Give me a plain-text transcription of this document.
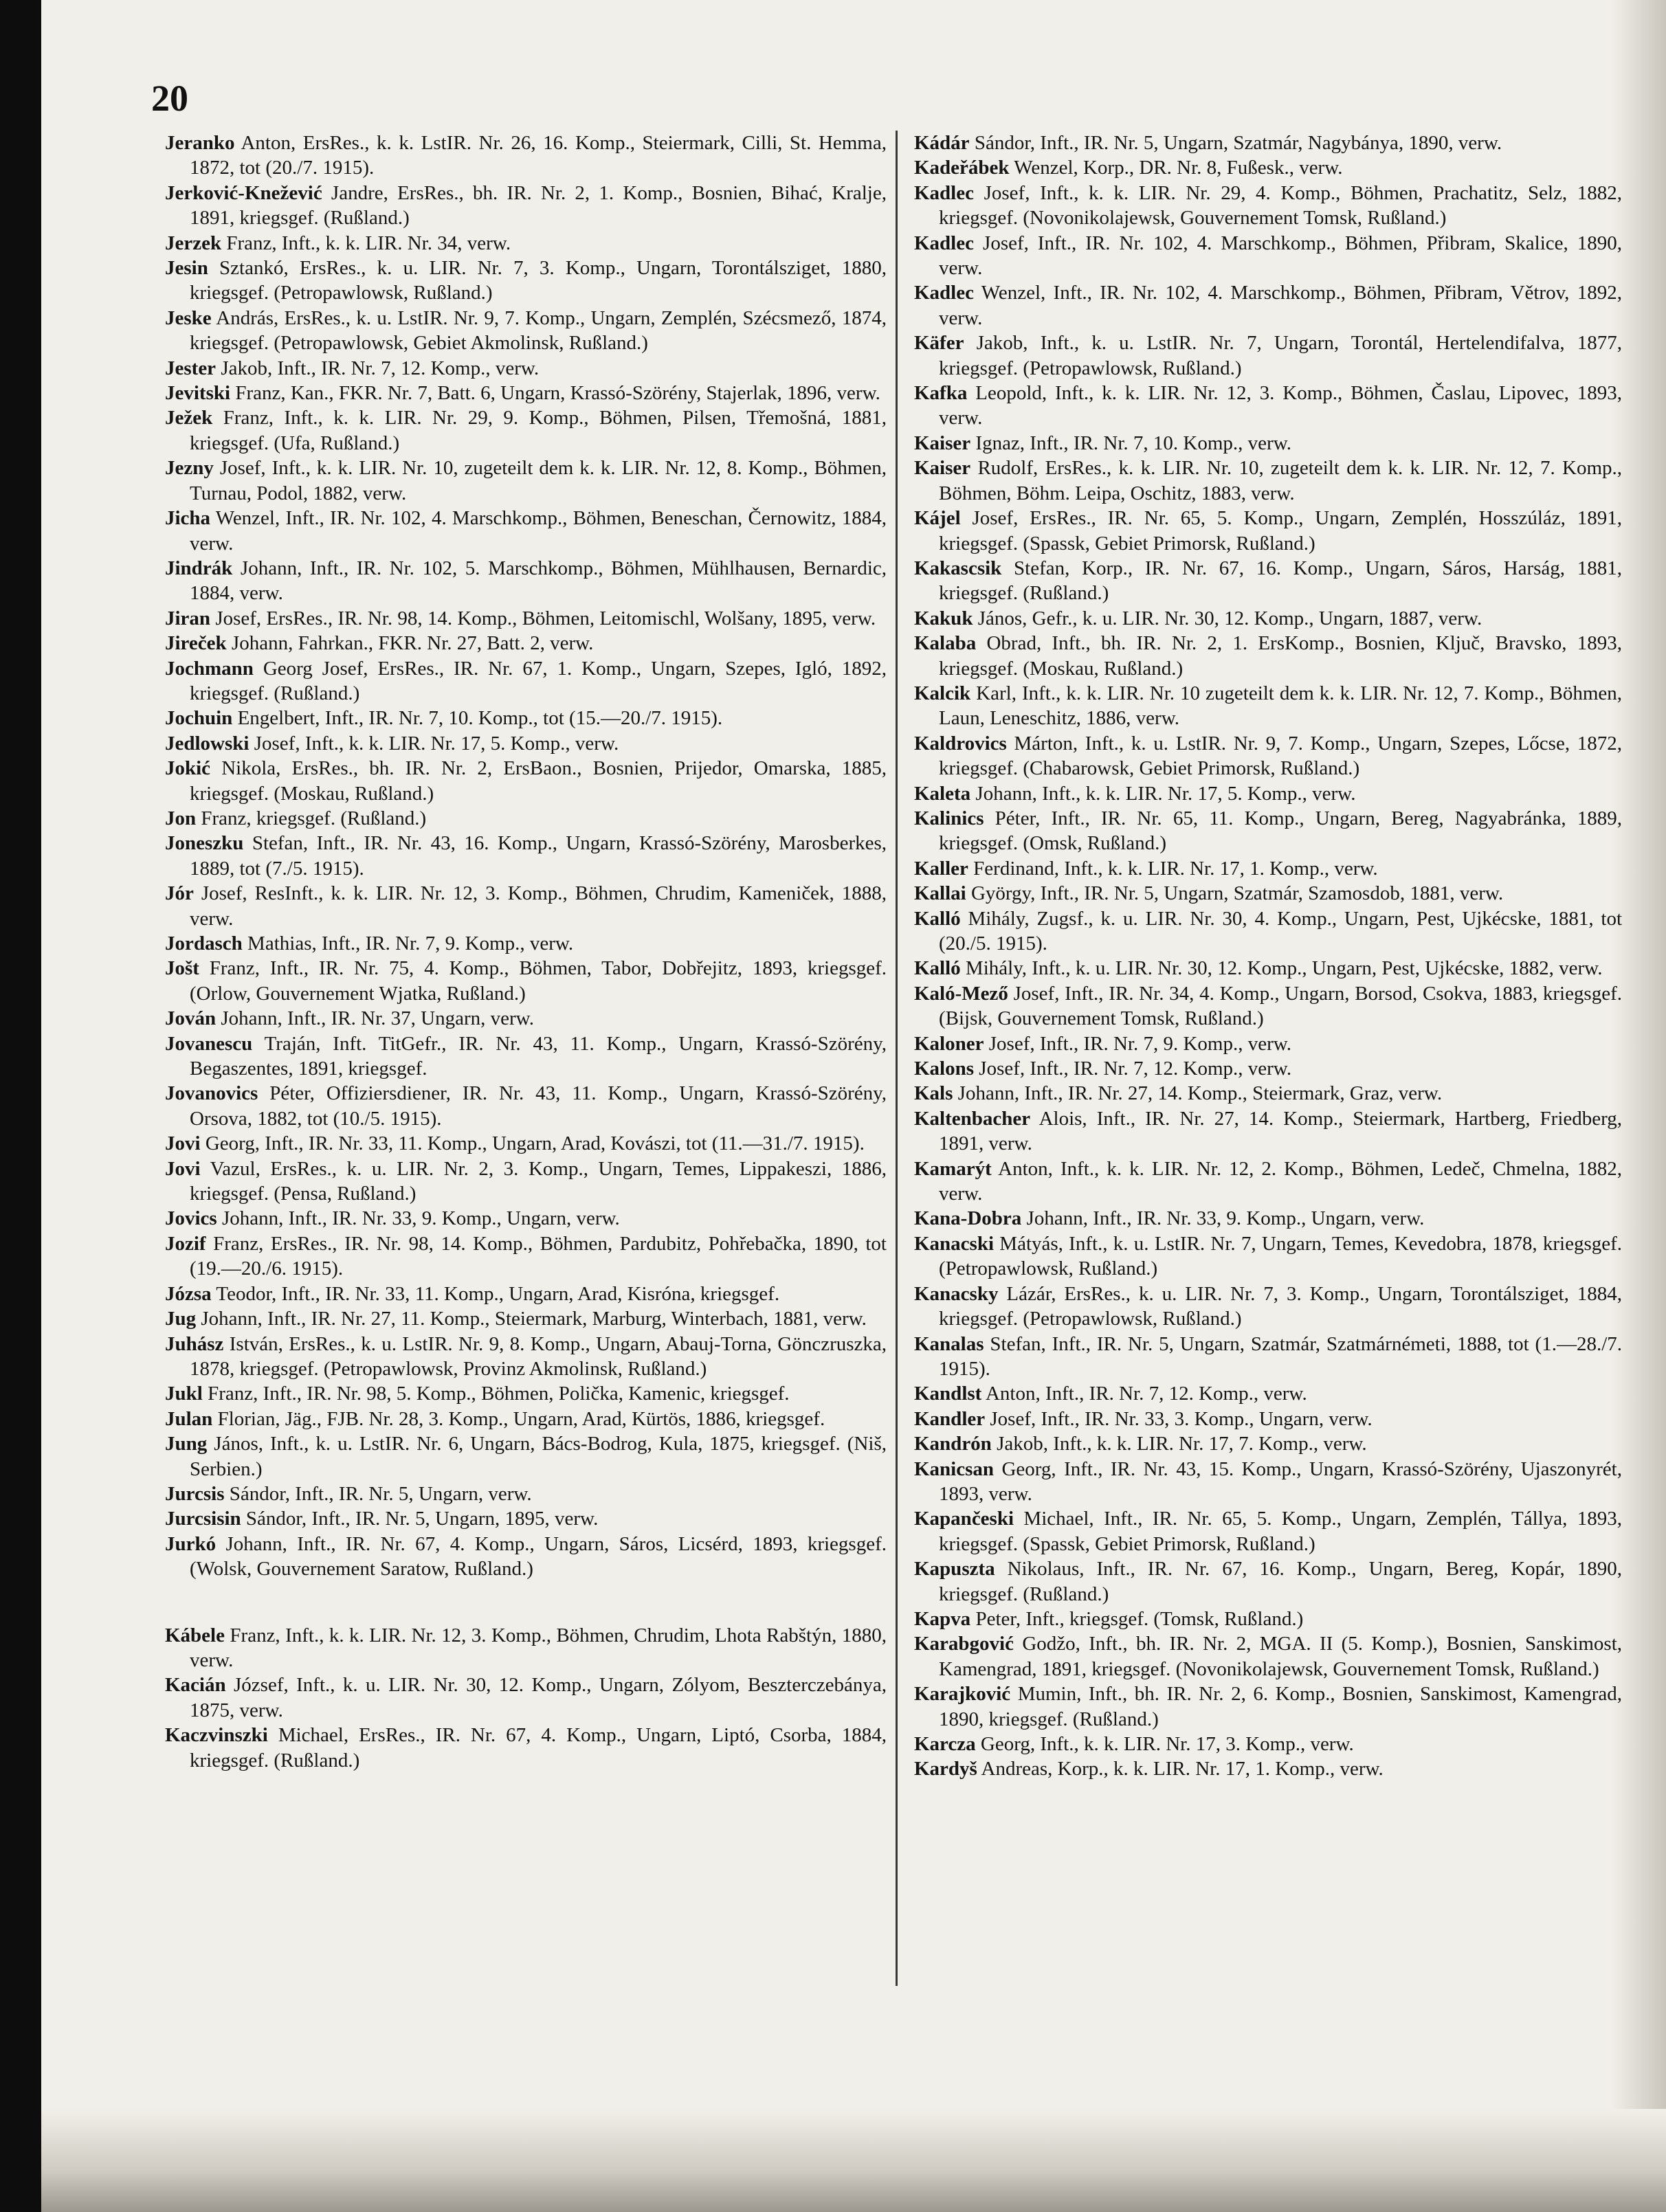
20

Jeranko Anton, ErsRes., k. k. LstIR. Nr. 26, 16. Komp., Steiermark, Cilli, St. Hemma, 1872, tot (20./7. 1915).

Jerković-Knežević Jandre, ErsRes., bh. IR. Nr. 2, 1. Komp., Bosnien, Bihać, Kralje, 1891, kriegsgef. (Rußland.)

Jerzek Franz, Inft., k. k. LIR. Nr. 34, verw.

Jesin Sztankó, ErsRes., k. u. LIR. Nr. 7, 3. Komp., Ungarn, Torontálsziget, 1880, kriegsgef. (Petropawlowsk, Rußland.)

Jeske András, ErsRes., k. u. LstIR. Nr. 9, 7. Komp., Ungarn, Zemplén, Szécsmező, 1874, kriegsgef. (Petropawlowsk, Gebiet Akmolinsk, Rußland.)

Jester Jakob, Inft., IR. Nr. 7, 12. Komp., verw.

Jevitski Franz, Kan., FKR. Nr. 7, Batt. 6, Ungarn, Krassó-Szörény, Stajerlak, 1896, verw.

Ježek Franz, Inft., k. k. LIR. Nr. 29, 9. Komp., Böhmen, Pilsen, Třemošná, 1881, kriegsgef. (Ufa, Rußland.)

Jezny Josef, Inft., k. k. LIR. Nr. 10, zugeteilt dem k. k. LIR. Nr. 12, 8. Komp., Böhmen, Turnau, Podol, 1882, verw.

Jicha Wenzel, Inft., IR. Nr. 102, 4. Marschkomp., Böhmen, Beneschan, Černowitz, 1884, verw.

Jindrák Johann, Inft., IR. Nr. 102, 5. Marschkomp., Böhmen, Mühlhausen, Bernardic, 1884, verw.

Jiran Josef, ErsRes., IR. Nr. 98, 14. Komp., Böhmen, Leitomischl, Wolšany, 1895, verw.

Jireček Johann, Fahrkan., FKR. Nr. 27, Batt. 2, verw.

Jochmann Georg Josef, ErsRes., IR. Nr. 67, 1. Komp., Ungarn, Szepes, Igló, 1892, kriegsgef. (Rußland.)

Jochuin Engelbert, Inft., IR. Nr. 7, 10. Komp., tot (15.—20./7. 1915).

Jedlowski Josef, Inft., k. k. LIR. Nr. 17, 5. Komp., verw.

Jokić Nikola, ErsRes., bh. IR. Nr. 2, ErsBaon., Bosnien, Prijedor, Omarska, 1885, kriegsgef. (Moskau, Rußland.)

Jon Franz, kriegsgef. (Rußland.)

Joneszku Stefan, Inft., IR. Nr. 43, 16. Komp., Ungarn, Krassó-Szörény, Marosberkes, 1889, tot (7./5. 1915).

Jór Josef, ResInft., k. k. LIR. Nr. 12, 3. Komp., Böhmen, Chrudim, Kameniček, 1888, verw.

Jordasch Mathias, Inft., IR. Nr. 7, 9. Komp., verw.

Jošt Franz, Inft., IR. Nr. 75, 4. Komp., Böhmen, Tabor, Dobřejitz, 1893, kriegsgef. (Orlow, Gouvernement Wjatka, Rußland.)

Jován Johann, Inft., IR. Nr. 37, Ungarn, verw.

Jovanescu Traján, Inft. TitGefr., IR. Nr. 43, 11. Komp., Ungarn, Krassó-Szörény, Begaszentes, 1891, kriegsgef.

Jovanovics Péter, Offiziersdiener, IR. Nr. 43, 11. Komp., Ungarn, Krassó-Szörény, Orsova, 1882, tot (10./5. 1915).

Jovi Georg, Inft., IR. Nr. 33, 11. Komp., Ungarn, Arad, Kovászi, tot (11.—31./7. 1915).

Jovi Vazul, ErsRes., k. u. LIR. Nr. 2, 3. Komp., Ungarn, Temes, Lippakeszi, 1886, kriegsgef. (Pensa, Rußland.)

Jovics Johann, Inft., IR. Nr. 33, 9. Komp., Ungarn, verw.

Jozif Franz, ErsRes., IR. Nr. 98, 14. Komp., Böhmen, Pardubitz, Pohřebačka, 1890, tot (19.—20./6. 1915).

Józsa Teodor, Inft., IR. Nr. 33, 11. Komp., Ungarn, Arad, Kisróna, kriegsgef.

Jug Johann, Inft., IR. Nr. 27, 11. Komp., Steiermark, Marburg, Winterbach, 1881, verw.

Juhász István, ErsRes., k. u. LstIR. Nr. 9, 8. Komp., Ungarn, Abauj-Torna, Gönczruszka, 1878, kriegsgef. (Petropawlowsk, Provinz Akmolinsk, Rußland.)

Jukl Franz, Inft., IR. Nr. 98, 5. Komp., Böhmen, Polička, Kamenic, kriegsgef.

Julan Florian, Jäg., FJB. Nr. 28, 3. Komp., Ungarn, Arad, Kürtös, 1886, kriegsgef.

Jung János, Inft., k. u. LstIR. Nr. 6, Ungarn, Bács-Bodrog, Kula, 1875, kriegsgef. (Niš, Serbien.)

Jurcsis Sándor, Inft., IR. Nr. 5, Ungarn, verw.

Jurcsisin Sándor, Inft., IR. Nr. 5, Ungarn, 1895, verw.

Jurkó Johann, Inft., IR. Nr. 67, 4. Komp., Ungarn, Sáros, Licsérd, 1893, kriegsgef. (Wolsk, Gouvernement Saratow, Rußland.)

Kábele Franz, Inft., k. k. LIR. Nr. 12, 3. Komp., Böhmen, Chrudim, Lhota Rabštýn, 1880, verw.

Kacián József, Inft., k. u. LIR. Nr. 30, 12. Komp., Ungarn, Zólyom, Beszterczebánya, 1875, verw.

Kaczvinszki Michael, ErsRes., IR. Nr. 67, 4. Komp., Ungarn, Liptó, Csorba, 1884, kriegsgef. (Rußland.)

Kádár Sándor, Inft., IR. Nr. 5, Ungarn, Szatmár, Nagybánya, 1890, verw.

Kadeřábek Wenzel, Korp., DR. Nr. 8, Fußesk., verw.

Kadlec Josef, Inft., k. k. LIR. Nr. 29, 4. Komp., Böhmen, Prachatitz, Selz, 1882, kriegsgef. (Novonikolajewsk, Gouvernement Tomsk, Rußland.)

Kadlec Josef, Inft., IR. Nr. 102, 4. Marschkomp., Böhmen, Přibram, Skalice, 1890, verw.

Kadlec Wenzel, Inft., IR. Nr. 102, 4. Marschkomp., Böhmen, Přibram, Větrov, 1892, verw.

Käfer Jakob, Inft., k. u. LstIR. Nr. 7, Ungarn, Torontál, Hertelendifalva, 1877, kriegsgef. (Petropawlowsk, Rußland.)

Kafka Leopold, Inft., k. k. LIR. Nr. 12, 3. Komp., Böhmen, Časlau, Lipovec, 1893, verw.

Kaiser Ignaz, Inft., IR. Nr. 7, 10. Komp., verw.

Kaiser Rudolf, ErsRes., k. k. LIR. Nr. 10, zugeteilt dem k. k. LIR. Nr. 12, 7. Komp., Böhmen, Böhm. Leipa, Oschitz, 1883, verw.

Kájel Josef, ErsRes., IR. Nr. 65, 5. Komp., Ungarn, Zemplén, Hosszúláz, 1891, kriegsgef. (Spassk, Gebiet Primorsk, Rußland.)

Kakascsik Stefan, Korp., IR. Nr. 67, 16. Komp., Ungarn, Sáros, Harság, 1881, kriegsgef. (Rußland.)

Kakuk János, Gefr., k. u. LIR. Nr. 30, 12. Komp., Ungarn, 1887, verw.

Kalaba Obrad, Inft., bh. IR. Nr. 2, 1. ErsKomp., Bosnien, Ključ, Bravsko, 1893, kriegsgef. (Moskau, Rußland.)

Kalcik Karl, Inft., k. k. LIR. Nr. 10 zugeteilt dem k. k. LIR. Nr. 12, 7. Komp., Böhmen, Laun, Leneschitz, 1886, verw.

Kaldrovics Márton, Inft., k. u. LstIR. Nr. 9, 7. Komp., Ungarn, Szepes, Lőcse, 1872, kriegsgef. (Chabarowsk, Gebiet Primorsk, Rußland.)

Kaleta Johann, Inft., k. k. LIR. Nr. 17, 5. Komp., verw.

Kalinics Péter, Inft., IR. Nr. 65, 11. Komp., Ungarn, Bereg, Nagyabránka, 1889, kriegsgef. (Omsk, Rußland.)

Kaller Ferdinand, Inft., k. k. LIR. Nr. 17, 1. Komp., verw.

Kallai György, Inft., IR. Nr. 5, Ungarn, Szatmár, Szamosdob, 1881, verw.

Kalló Mihály, Zugsf., k. u. LIR. Nr. 30, 4. Komp., Ungarn, Pest, Ujkécske, 1881, tot (20./5. 1915).

Kalló Mihály, Inft., k. u. LIR. Nr. 30, 12. Komp., Ungarn, Pest, Ujkécske, 1882, verw.

Kaló-Mező Josef, Inft., IR. Nr. 34, 4. Komp., Ungarn, Borsod, Csokva, 1883, kriegsgef. (Bijsk, Gouvernement Tomsk, Rußland.)

Kaloner Josef, Inft., IR. Nr. 7, 9. Komp., verw.

Kalons Josef, Inft., IR. Nr. 7, 12. Komp., verw.

Kals Johann, Inft., IR. Nr. 27, 14. Komp., Steiermark, Graz, verw.

Kaltenbacher Alois, Inft., IR. Nr. 27, 14. Komp., Steiermark, Hartberg, Friedberg, 1891, verw.

Kamarýt Anton, Inft., k. k. LIR. Nr. 12, 2. Komp., Böhmen, Ledeč, Chmelna, 1882, verw.

Kana-Dobra Johann, Inft., IR. Nr. 33, 9. Komp., Ungarn, verw.

Kanacski Mátyás, Inft., k. u. LstIR. Nr. 7, Ungarn, Temes, Kevedobra, 1878, kriegsgef. (Petropawlowsk, Rußland.)

Kanacsky Lázár, ErsRes., k. u. LIR. Nr. 7, 3. Komp., Ungarn, Torontálsziget, 1884, kriegsgef. (Petropawlowsk, Rußland.)

Kanalas Stefan, Inft., IR. Nr. 5, Ungarn, Szatmár, Szatmárnémeti, 1888, tot (1.—28./7. 1915).

Kandlst Anton, Inft., IR. Nr. 7, 12. Komp., verw.

Kandler Josef, Inft., IR. Nr. 33, 3. Komp., Ungarn, verw.

Kandrón Jakob, Inft., k. k. LIR. Nr. 17, 7. Komp., verw.

Kanicsan Georg, Inft., IR. Nr. 43, 15. Komp., Ungarn, Krassó-Szörény, Ujaszonyrét, 1893, verw.

Kapančeski Michael, Inft., IR. Nr. 65, 5. Komp., Ungarn, Zemplén, Tállya, 1893, kriegsgef. (Spassk, Gebiet Primorsk, Rußland.)

Kapuszta Nikolaus, Inft., IR. Nr. 67, 16. Komp., Ungarn, Bereg, Kopár, 1890, kriegsgef. (Rußland.)

Kapva Peter, Inft., kriegsgef. (Tomsk, Rußland.)

Karabgović Godžo, Inft., bh. IR. Nr. 2, MGA. II (5. Komp.), Bosnien, Sanskimost, Kamengrad, 1891, kriegsgef. (Novonikolajewsk, Gouvernement Tomsk, Rußland.)

Karajković Mumin, Inft., bh. IR. Nr. 2, 6. Komp., Bosnien, Sanskimost, Kamengrad, 1890, kriegsgef. (Rußland.)

Karcza Georg, Inft., k. k. LIR. Nr. 17, 3. Komp., verw.

Kardyš Andreas, Korp., k. k. LIR. Nr. 17, 1. Komp., verw.
